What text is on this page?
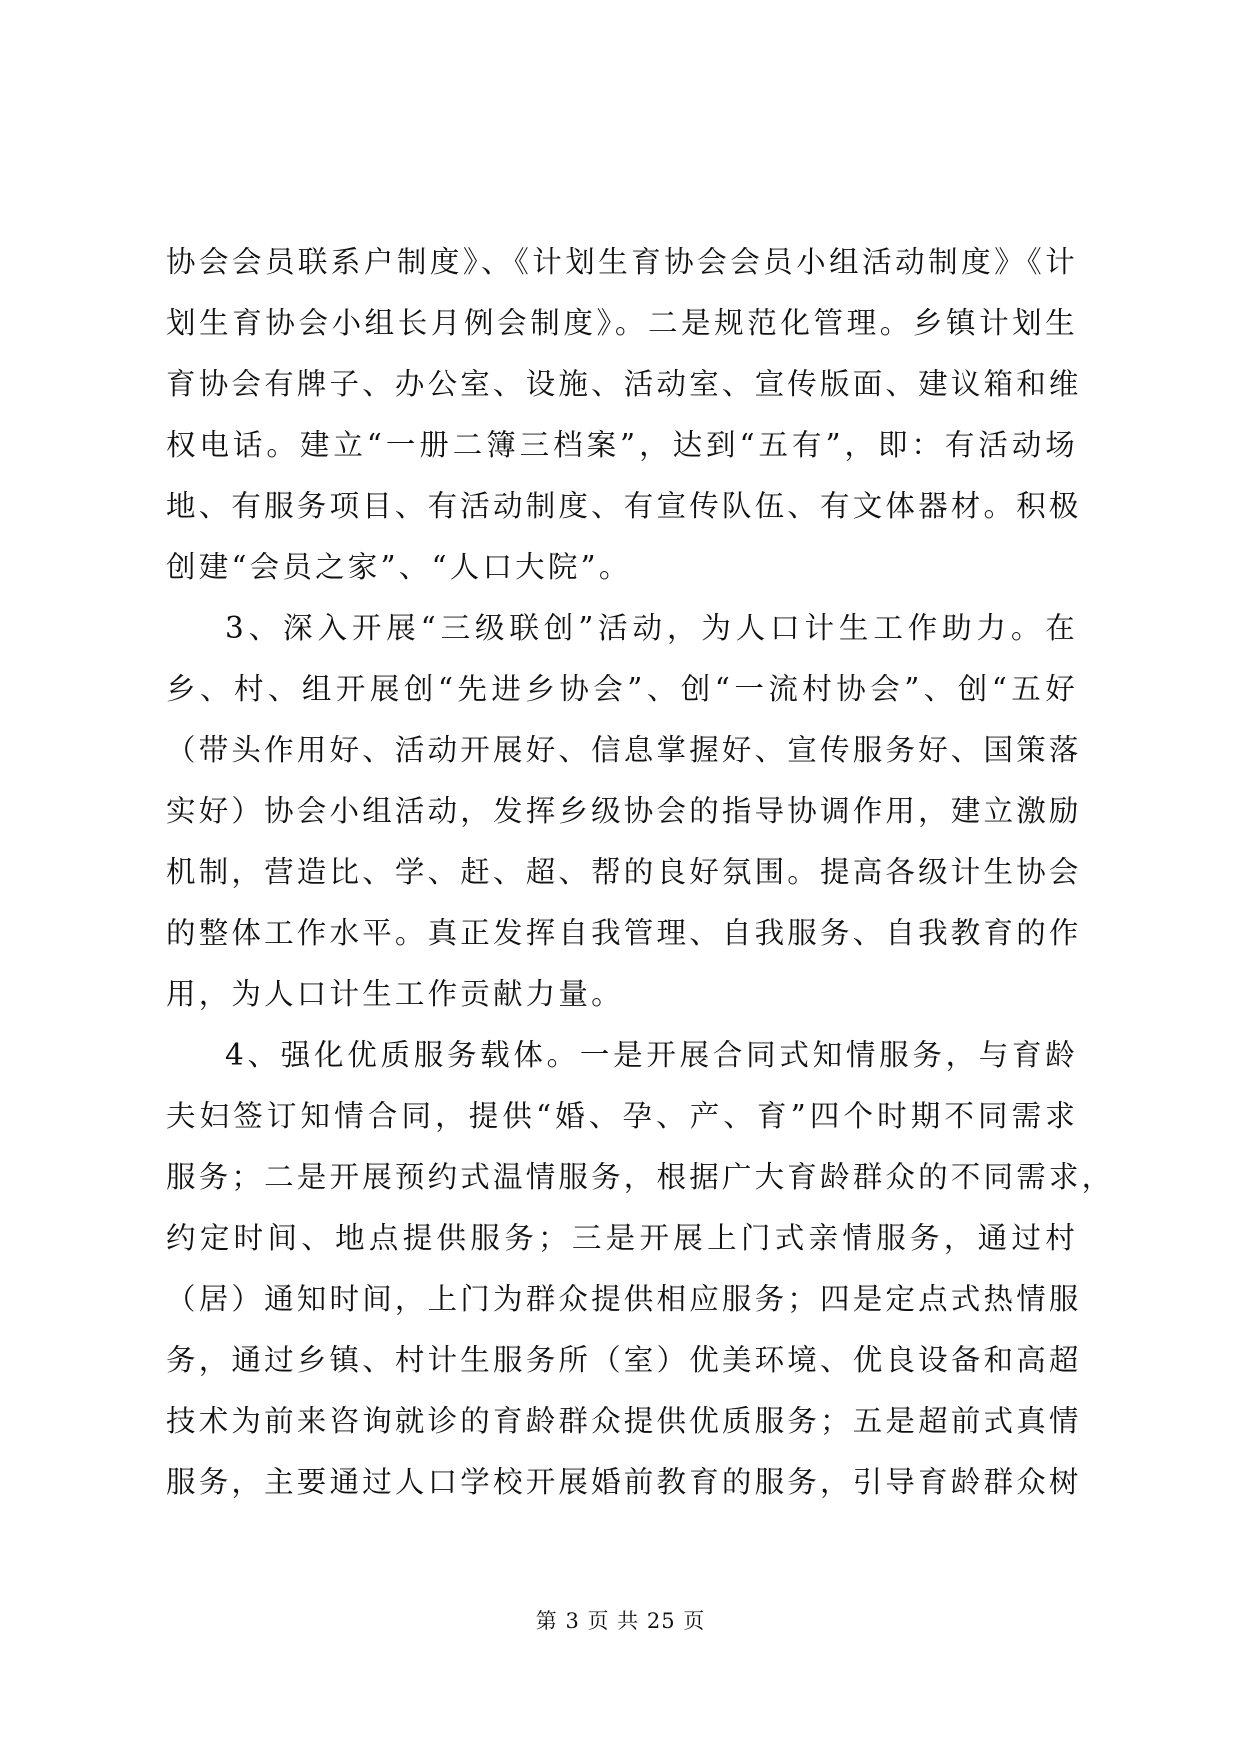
协会会员联系户制度》、《计划生育协会会员小组活动制度》《计
划生育协会小组长月例会制度》。二是规范化管理。乡镇计划生
育协会有牌子、办公室、设施、活动室、宣传版面、建议箱和维
权电话。建立“一册二簿三档案”，达到“五有”，即：有活动场
地、有服务项目、有活动制度、有宣传队伍、有文体器材。积极
创建“会员之家”、“人口大院”。
3、深入开展“三级联创”活动，为人口计生工作助力。在
乡、村、组开展创“先进乡协会”、创“一流村协会”、创“五好
（带头作用好、活动开展好、信息掌握好、宣传服务好、国策落
实好）协会小组活动，发挥乡级协会的指导协调作用，建立激励
机制，营造比、学、赶、超、帮的良好氛围。提高各级计生协会
的整体工作水平。真正发挥自我管理、自我服务、自我教育的作
用，为人口计生工作贡献力量。
4、强化优质服务载体。一是开展合同式知情服务，与育龄
夫妇签订知情合同，提供“婚、孕、产、育”四个时期不同需求
服务；二是开展预约式温情服务，根据广大育龄群众的不同需求，
约定时间、地点提供服务；三是开展上门式亲情服务，通过村
（居）通知时间，上门为群众提供相应服务；四是定点式热情服
务，通过乡镇、村计生服务所（室）优美环境、优良设备和高超
技术为前来咨询就诊的育龄群众提供优质服务；五是超前式真情
服务，主要通过人口学校开展婚前教育的服务，引导育龄群众树
第 3 页 共 25 页
